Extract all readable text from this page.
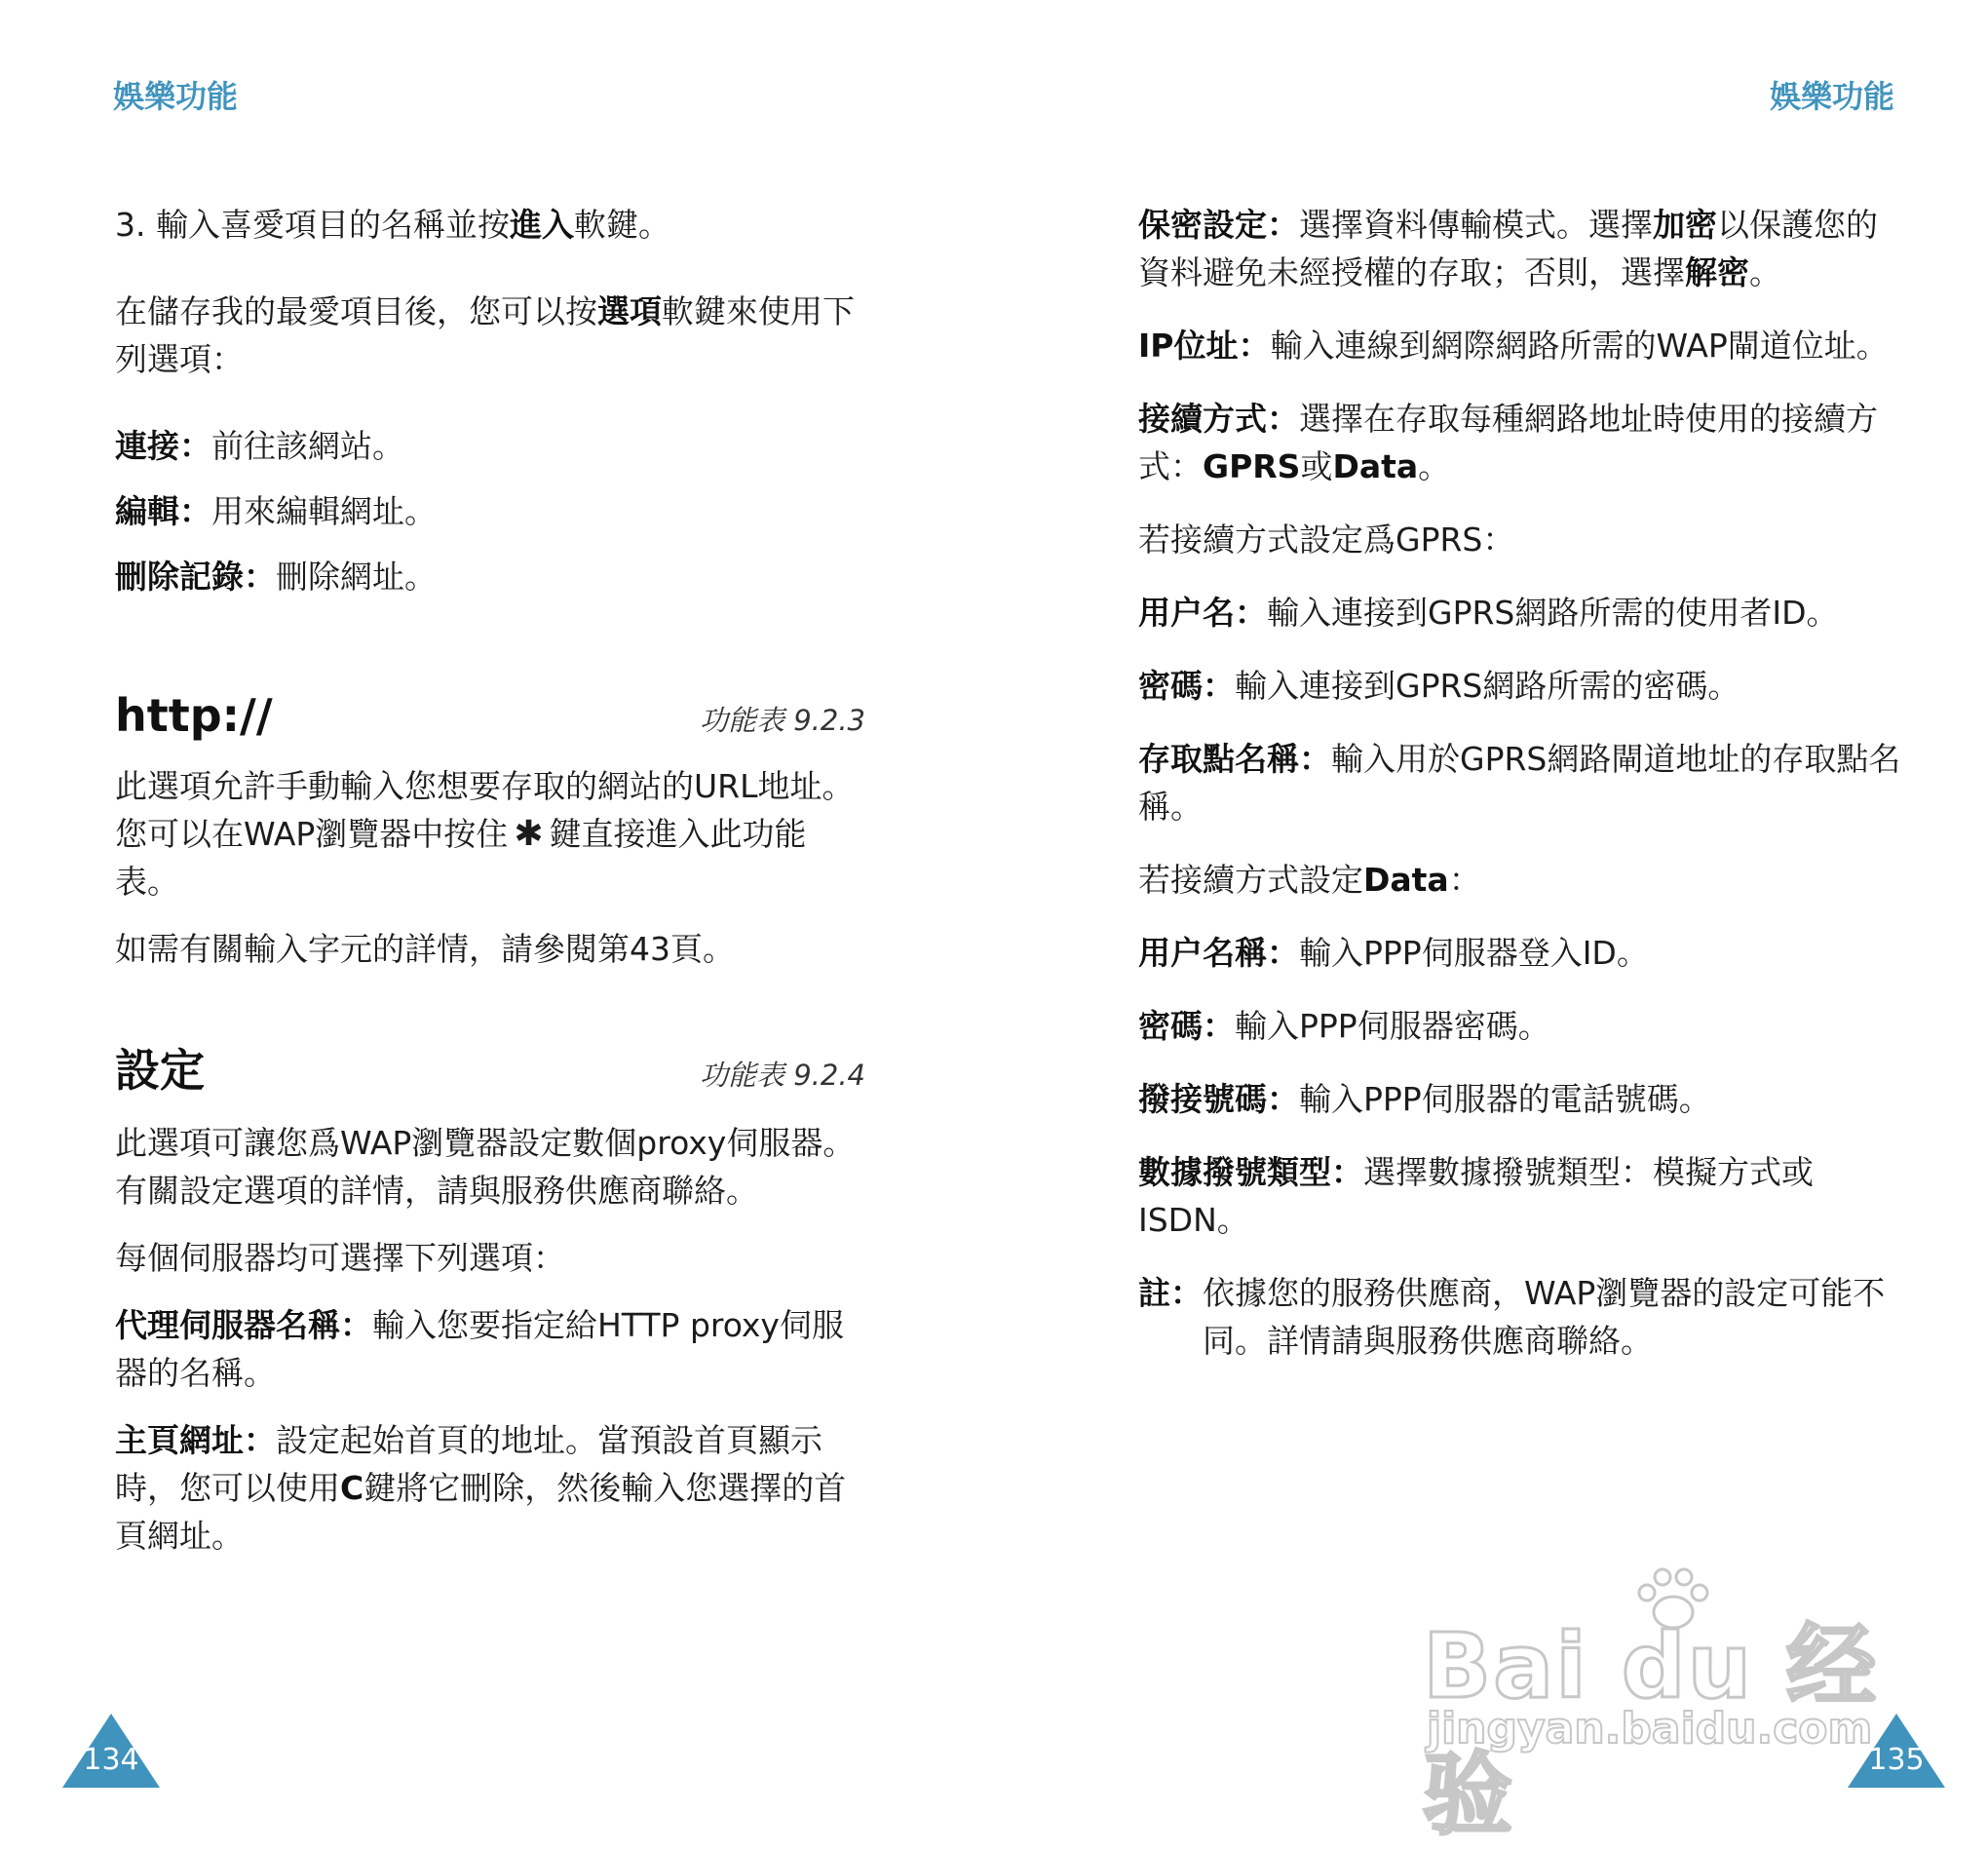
娛樂功能

3. 輸入喜愛項目的名稱並按進入軟鍵。

在儲存我的最愛項目後，您可以按選項軟鍵來使用下列選項：

連接：前往該網站。

編輯：用來編輯網址。

刪除記錄：刪除網址。

http://	功能表 9.2.3

此選項允許手動輸入您想要存取的網站的URL地址。
您可以在WAP瀏覽器中按住 ✱ 鍵直接進入此功能表。

如需有關輸入字元的詳情，請參閱第43頁。

設定	功能表 9.2.4

此選項可讓您爲WAP瀏覽器設定數個proxy伺服器。有關設定選項的詳情，請與服務供應商聯絡。

每個伺服器均可選擇下列選項：

代理伺服器名稱：輸入您要指定給HTTP proxy伺服器的名稱。

主頁網址：設定起始首頁的地址。當預設首頁顯示時，您可以使用C鍵將它刪除，然後輸入您選擇的首頁網址。

134
娛樂功能

保密設定：選擇資料傳輸模式。選擇加密以保護您的資料避免未經授權的存取；否則，選擇解密。

IP位址：輸入連線到網際網路所需的WAP閘道位址。

接續方式：選擇在存取每種網路地址時使用的接續方式：GPRS或Data。

若接續方式設定爲GPRS：

用户名：輸入連接到GPRS網路所需的使用者ID。

密碼：輸入連接到GPRS網路所需的密碼。

存取點名稱：輸入用於GPRS網路閘道地址的存取點名稱。

若接續方式設定Data：

用户名稱：輸入PPP伺服器登入ID。

密碼：輸入PPP伺服器密碼。

撥接號碼：輸入PPP伺服器的電話號碼。

數據撥號類型：選擇數據撥號類型：模擬方式或ISDN。

註： 依據您的服務供應商，WAP瀏覽器的設定可能不同。詳情請與服務供應商聯絡。

135
Bai du 经验
jingyan.baidu.com
